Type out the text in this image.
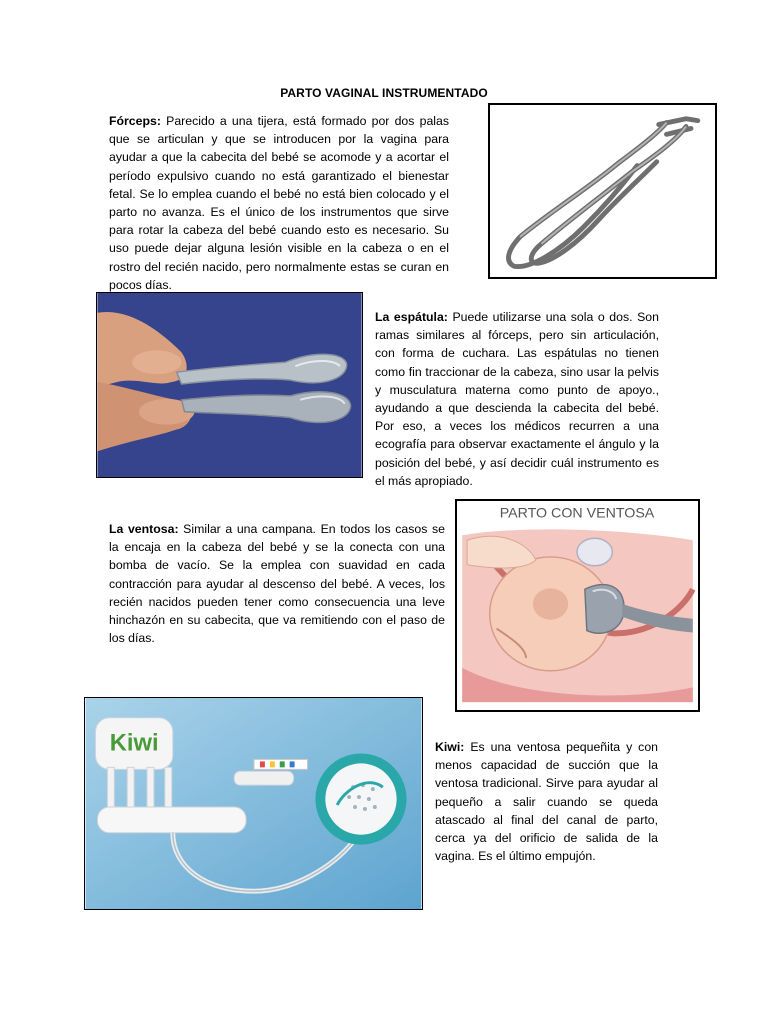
PARTO VAGINAL INSTRUMENTADO
Fórceps: Parecido a una tijera, está formado por dos palas que se articulan y que se introducen por la vagina para ayudar a que la cabecita del bebé se acomode y a acortar el período expulsivo cuando no está garantizado el bienestar fetal. Se lo emplea cuando el bebé no está bien colocado y el parto no avanza. Es el único de los instrumentos que sirve para rotar la cabeza del bebé cuando esto es necesario. Su uso puede dejar alguna lesión visible en la cabeza o en el rostro del recién nacido, pero normalmente estas se curan en pocos días.
La espátula: Puede utilizarse una sola o dos. Son ramas similares al fórceps, pero sin articulación, con forma de cuchara. Las espátulas no tienen como fin traccionar de la cabeza, sino usar la pelvis y musculatura materna como punto de apoyo., ayudando a que descienda la cabecita del bebé. Por eso, a veces los médicos recurren a una ecografía para observar exactamente el ángulo y la posición del bebé, y así decidir cuál instrumento es el más apropiado.
La ventosa: Similar a una campana. En todos los casos se la encaja en la cabeza del bebé y se la conecta con una bomba de vacío. Se la emplea con suavidad en cada contracción para ayudar al descenso del bebé. A veces, los recién nacidos pueden tener como consecuencia una leve hinchazón en su cabecita, que va remitiendo con el paso de los días.
PARTO CON VENTOSA
Kiwi	Kiwi: Es una ventosa pequeñita y con menos capacidad de succión que la ventosa tradicional. Sirve para ayudar al pequeño a salir cuando se queda atascado al final del canal de parto, cerca ya del orificio de salida de la vagina. Es el último empujón.
